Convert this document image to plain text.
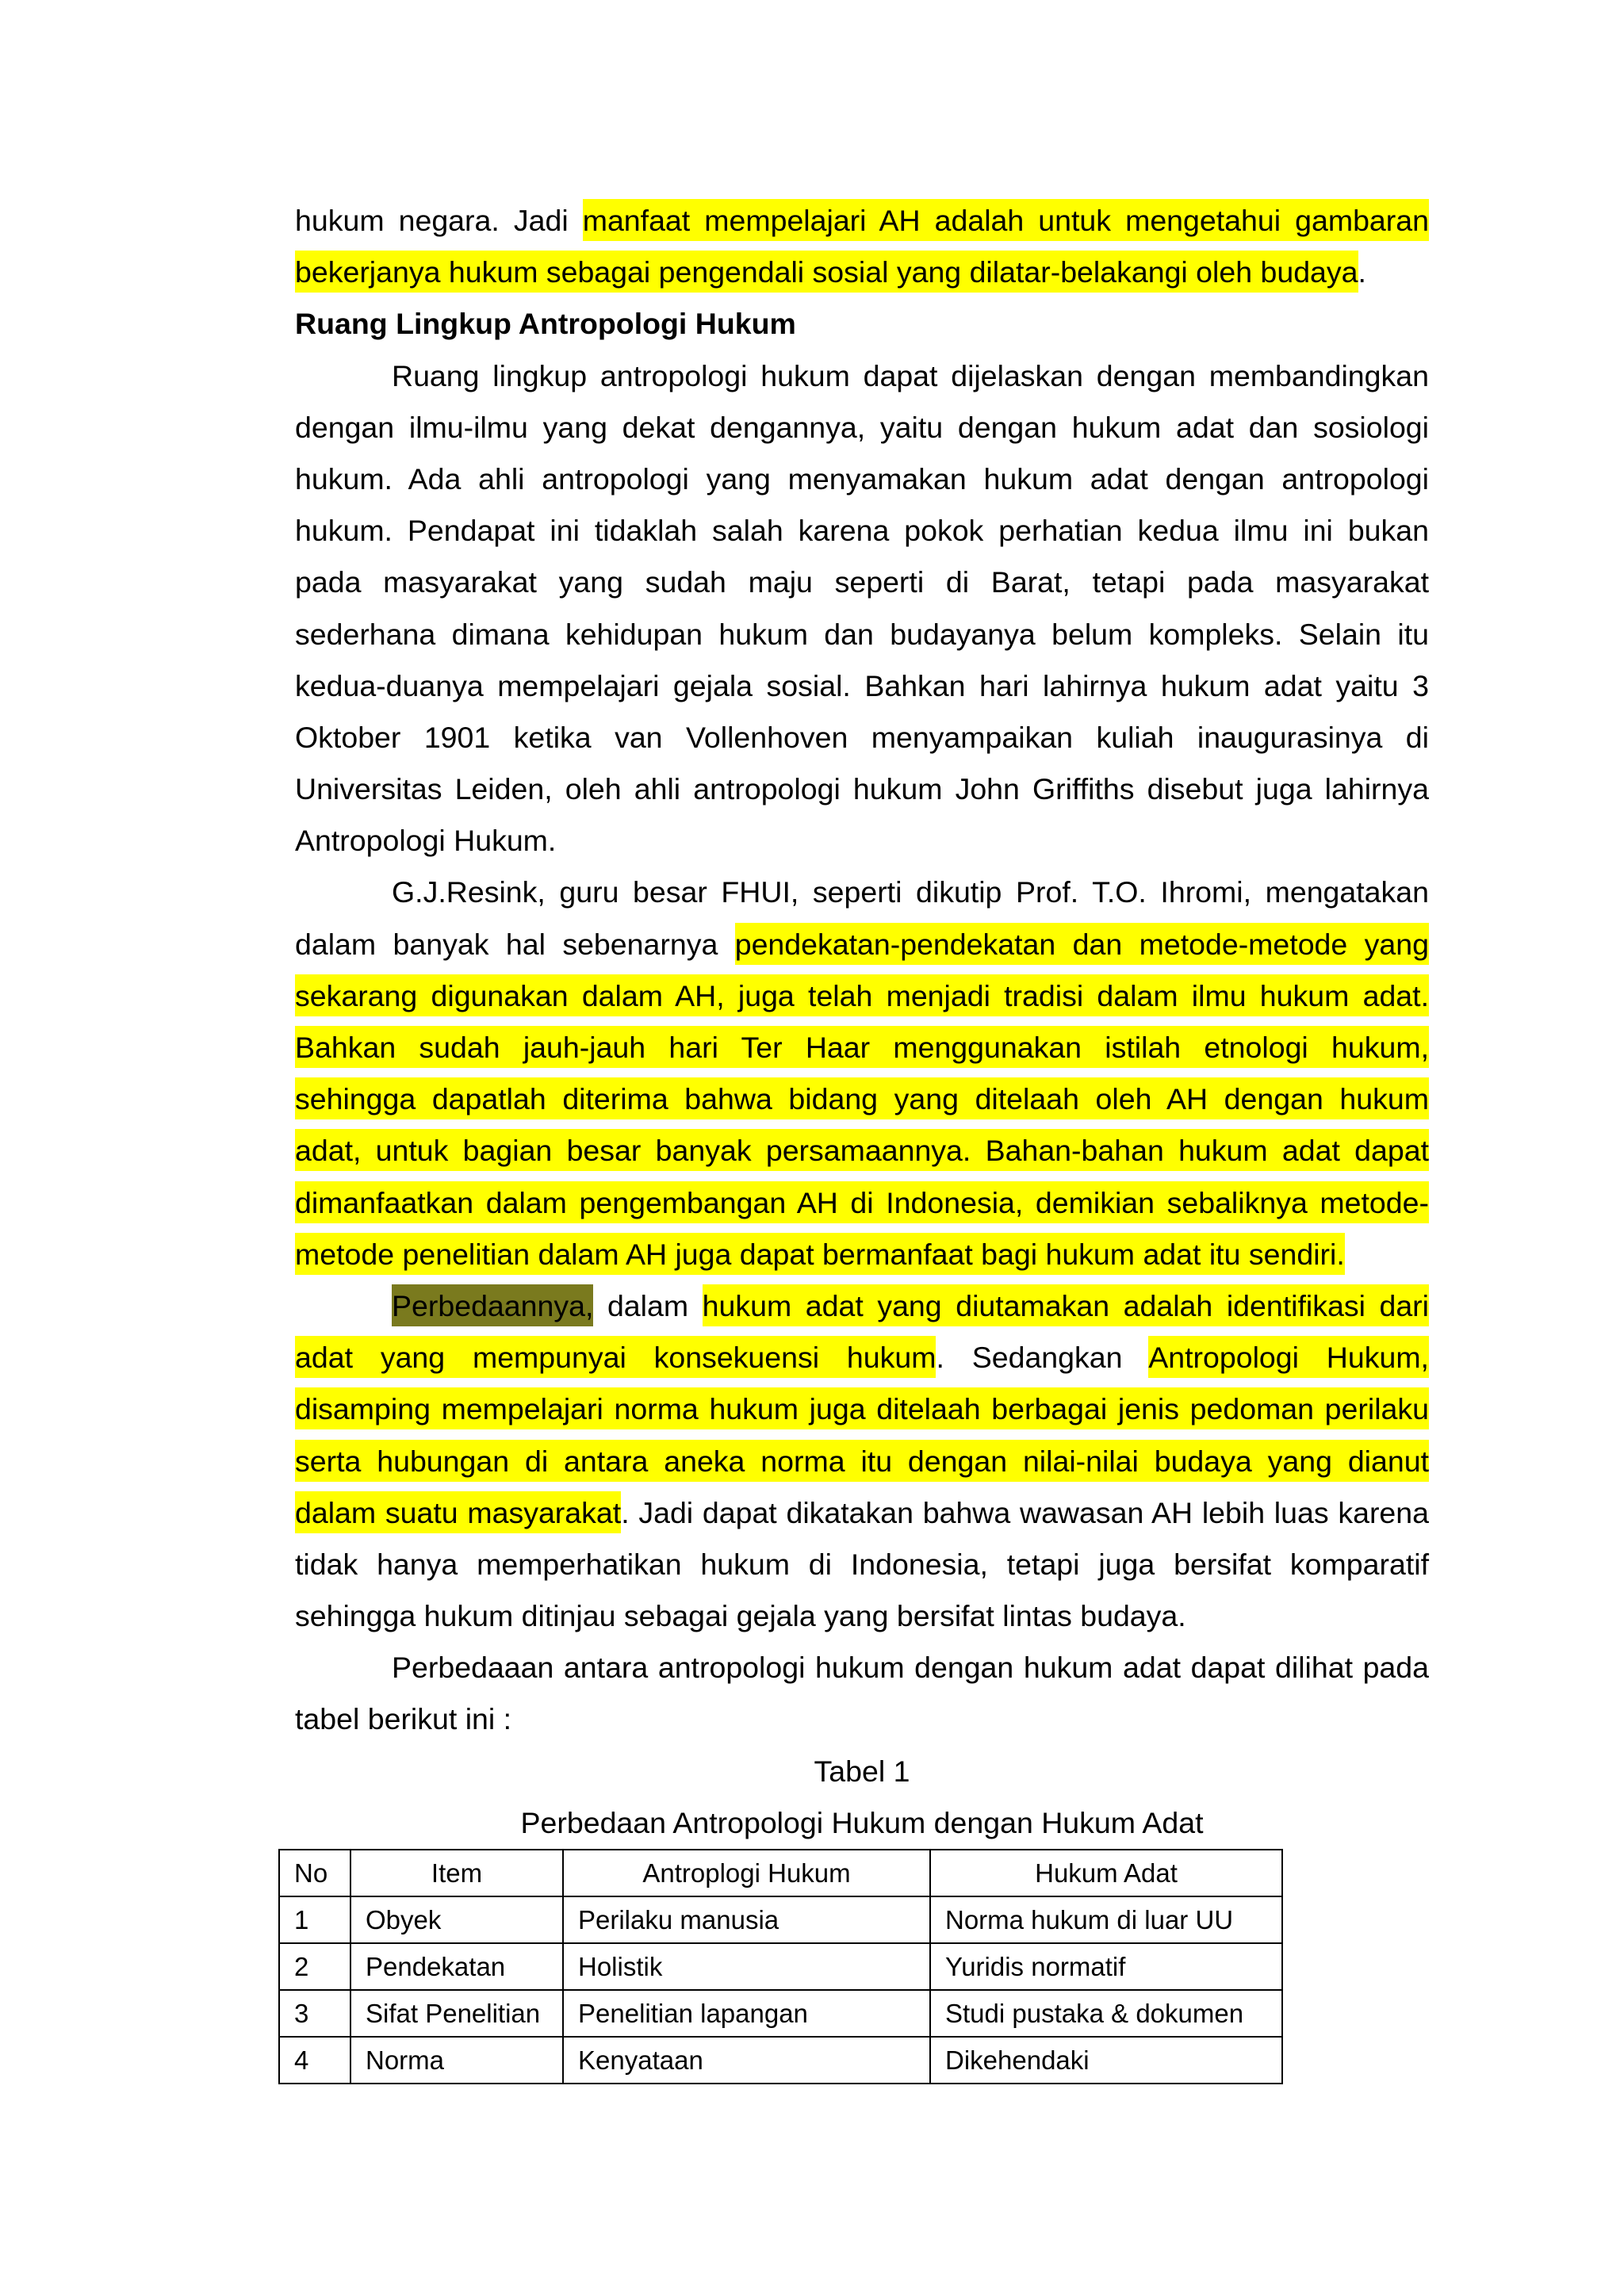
hukum negara. Jadi manfaat mempelajari AH adalah untuk mengetahui gambaran
bekerjanya hukum sebagai pengendali sosial yang dilatar-belakangi oleh budaya.
Ruang Lingkup Antropologi Hukum
Ruang lingkup antropologi hukum dapat dijelaskan dengan membandingkan
dengan ilmu-ilmu yang dekat dengannya, yaitu dengan hukum adat dan sosiologi
hukum. Ada ahli antropologi yang menyamakan hukum adat dengan antropologi
hukum. Pendapat ini tidaklah salah karena pokok perhatian kedua ilmu ini bukan
pada masyarakat yang sudah maju seperti di Barat, tetapi pada masyarakat
sederhana dimana kehidupan hukum dan budayanya belum kompleks. Selain itu
kedua-duanya mempelajari gejala sosial. Bahkan hari lahirnya hukum adat yaitu 3
Oktober 1901 ketika van Vollenhoven menyampaikan kuliah inaugurasinya di
Universitas Leiden, oleh ahli antropologi hukum John Griffiths disebut juga lahirnya
Antropologi Hukum.
G.J.Resink, guru besar FHUI, seperti dikutip Prof. T.O. Ihromi, mengatakan
dalam banyak hal sebenarnya pendekatan-pendekatan dan metode-metode yang
sekarang digunakan dalam AH, juga telah menjadi tradisi dalam ilmu hukum adat.
Bahkan sudah jauh-jauh hari Ter Haar menggunakan istilah etnologi hukum,
sehingga dapatlah diterima bahwa bidang yang ditelaah oleh AH dengan hukum
adat, untuk bagian besar banyak persamaannya. Bahan-bahan hukum adat dapat
dimanfaatkan dalam pengembangan AH di Indonesia, demikian sebaliknya metode-
metode penelitian dalam AH juga dapat bermanfaat bagi hukum adat itu sendiri.
Perbedaannya, dalam hukum adat yang diutamakan adalah identifikasi dari
adat yang mempunyai konsekuensi hukum. Sedangkan Antropologi Hukum,
disamping mempelajari norma hukum juga ditelaah berbagai jenis pedoman perilaku
serta hubungan di antara aneka norma itu dengan nilai-nilai budaya yang dianut
dalam suatu masyarakat. Jadi dapat dikatakan bahwa wawasan AH lebih luas karena
tidak hanya memperhatikan hukum di Indonesia, tetapi juga bersifat komparatif
sehingga hukum ditinjau sebagai gejala yang bersifat lintas budaya.
Perbedaaan antara antropologi hukum dengan hukum adat dapat dilihat pada
tabel berikut ini :
Tabel 1
Perbedaan Antropologi Hukum dengan Hukum Adat
No	Item	Antroplogi Hukum	Hukum Adat
1	Obyek	Perilaku manusia	Norma hukum di luar UU
2	Pendekatan	Holistik	Yuridis normatif
3	Sifat Penelitian	Penelitian lapangan	Studi pustaka & dokumen
4	Norma	Kenyataan	Dikehendaki
